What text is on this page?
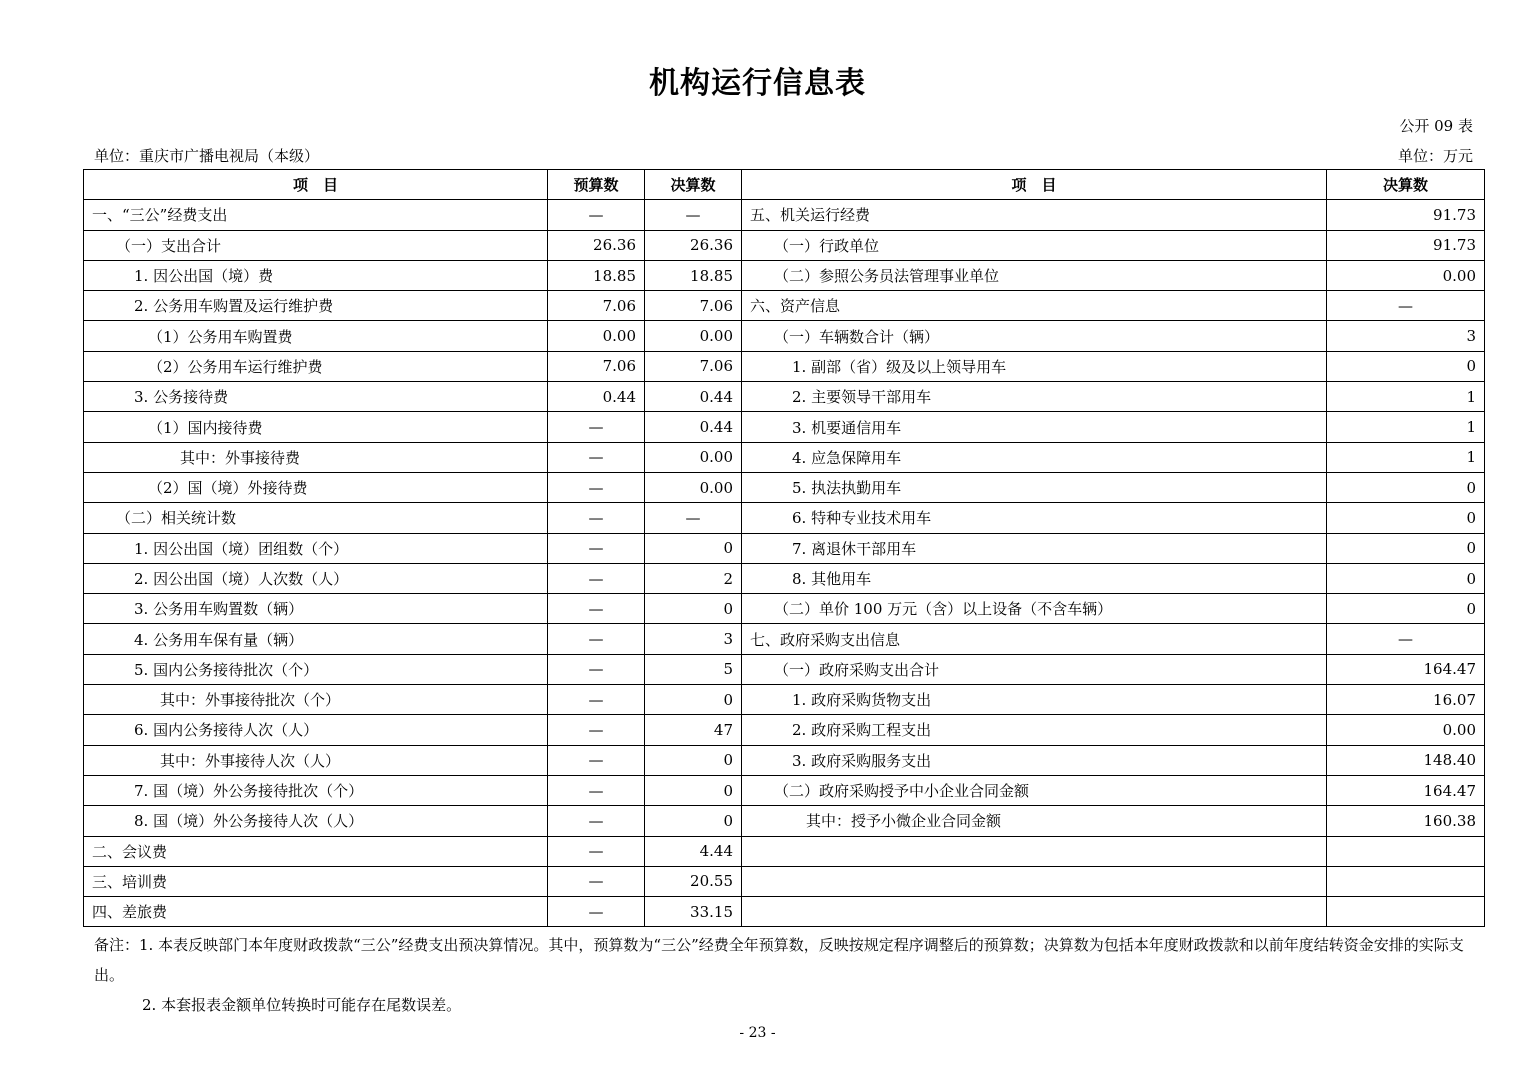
机构运行信息表
公开 09 表
单位：重庆市广播电视局（本级）	单位：万元
项　目	预算数	决算数	项　目	决算数
一、“三公”经费支出	—	—	五、机关运行经费	91.73
（一）支出合计	26.36	26.36	（一）行政单位	91.73
1. 因公出国（境）费	18.85	18.85	（二）参照公务员法管理事业单位	0.00
2. 公务用车购置及运行维护费	7.06	7.06	六、资产信息	—
（1）公务用车购置费	0.00	0.00	（一）车辆数合计（辆）	3
（2）公务用车运行维护费	7.06	7.06	1. 副部（省）级及以上领导用车	0
3. 公务接待费	0.44	0.44	2. 主要领导干部用车	1
（1）国内接待费	—	0.44	3. 机要通信用车	1
其中：外事接待费	—	0.00	4. 应急保障用车	1
（2）国（境）外接待费	—	0.00	5. 执法执勤用车	0
（二）相关统计数	—	—	6. 特种专业技术用车	0
1. 因公出国（境）团组数（个）	—	0	7. 离退休干部用车	0
2. 因公出国（境）人次数（人）	—	2	8. 其他用车	0
3. 公务用车购置数（辆）	—	0	（二）单价 100 万元（含）以上设备（不含车辆）	0
4. 公务用车保有量（辆）	—	3	七、政府采购支出信息	—
5. 国内公务接待批次（个）	—	5	（一）政府采购支出合计	164.47
其中：外事接待批次（个）	—	0	1. 政府采购货物支出	16.07
6. 国内公务接待人次（人）	—	47	2. 政府采购工程支出	0.00
其中：外事接待人次（人）	—	0	3. 政府采购服务支出	148.40
7. 国（境）外公务接待批次（个）	—	0	（二）政府采购授予中小企业合同金额	164.47
8. 国（境）外公务接待人次（人）	—	0	其中：授予小微企业合同金额	160.38
二、会议费	—	4.44		
三、培训费	—	20.55		
四、差旅费	—	33.15		

备注：1. 本表反映部门本年度财政拨款“三公”经费支出预决算情况。其中，预算数为“三公”经费全年预算数，反映按规定程序调整后的预算数；决算数为包括本年度财政拨款和以前年度结转资金安排的实际支出。

2. 本套报表金额单位转换时可能存在尾数误差。

- 23 -
